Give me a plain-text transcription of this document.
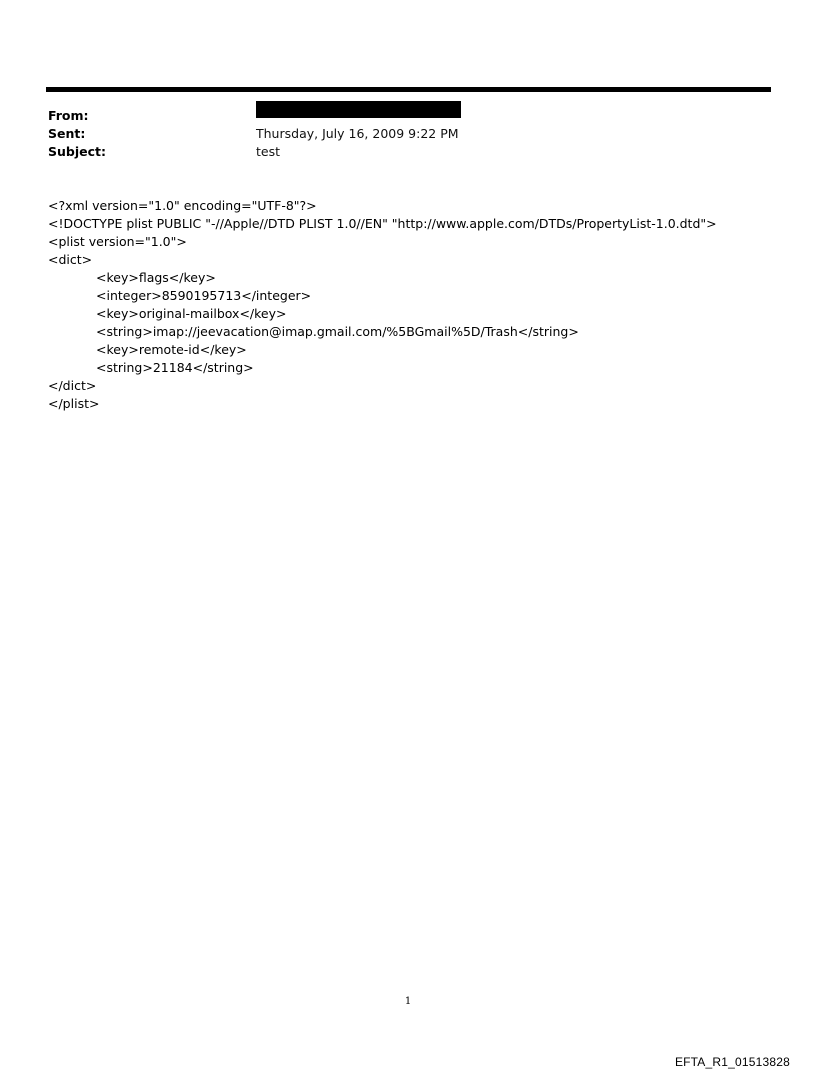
From:
Sent:	Thursday, July 16, 2009 9:22 PM
Subject:	test
<?xml version="1.0" encoding="UTF-8"?>
<!DOCTYPE plist PUBLIC "-//Apple//DTD PLIST 1.0//EN" "http://www.apple.com/DTDs/PropertyList-1.0.dtd">
<plist version="1.0">
<dict>
<key>flags</key>
<integer>8590195713</integer>
<key>original-mailbox</key>
<string>imap://jeevacation@imap.gmail.com/%5BGmail%5D/Trash</string>
<key>remote-id</key>
<string>21184</string>
</dict>
</plist>
1
EFTA_R1_01513828
